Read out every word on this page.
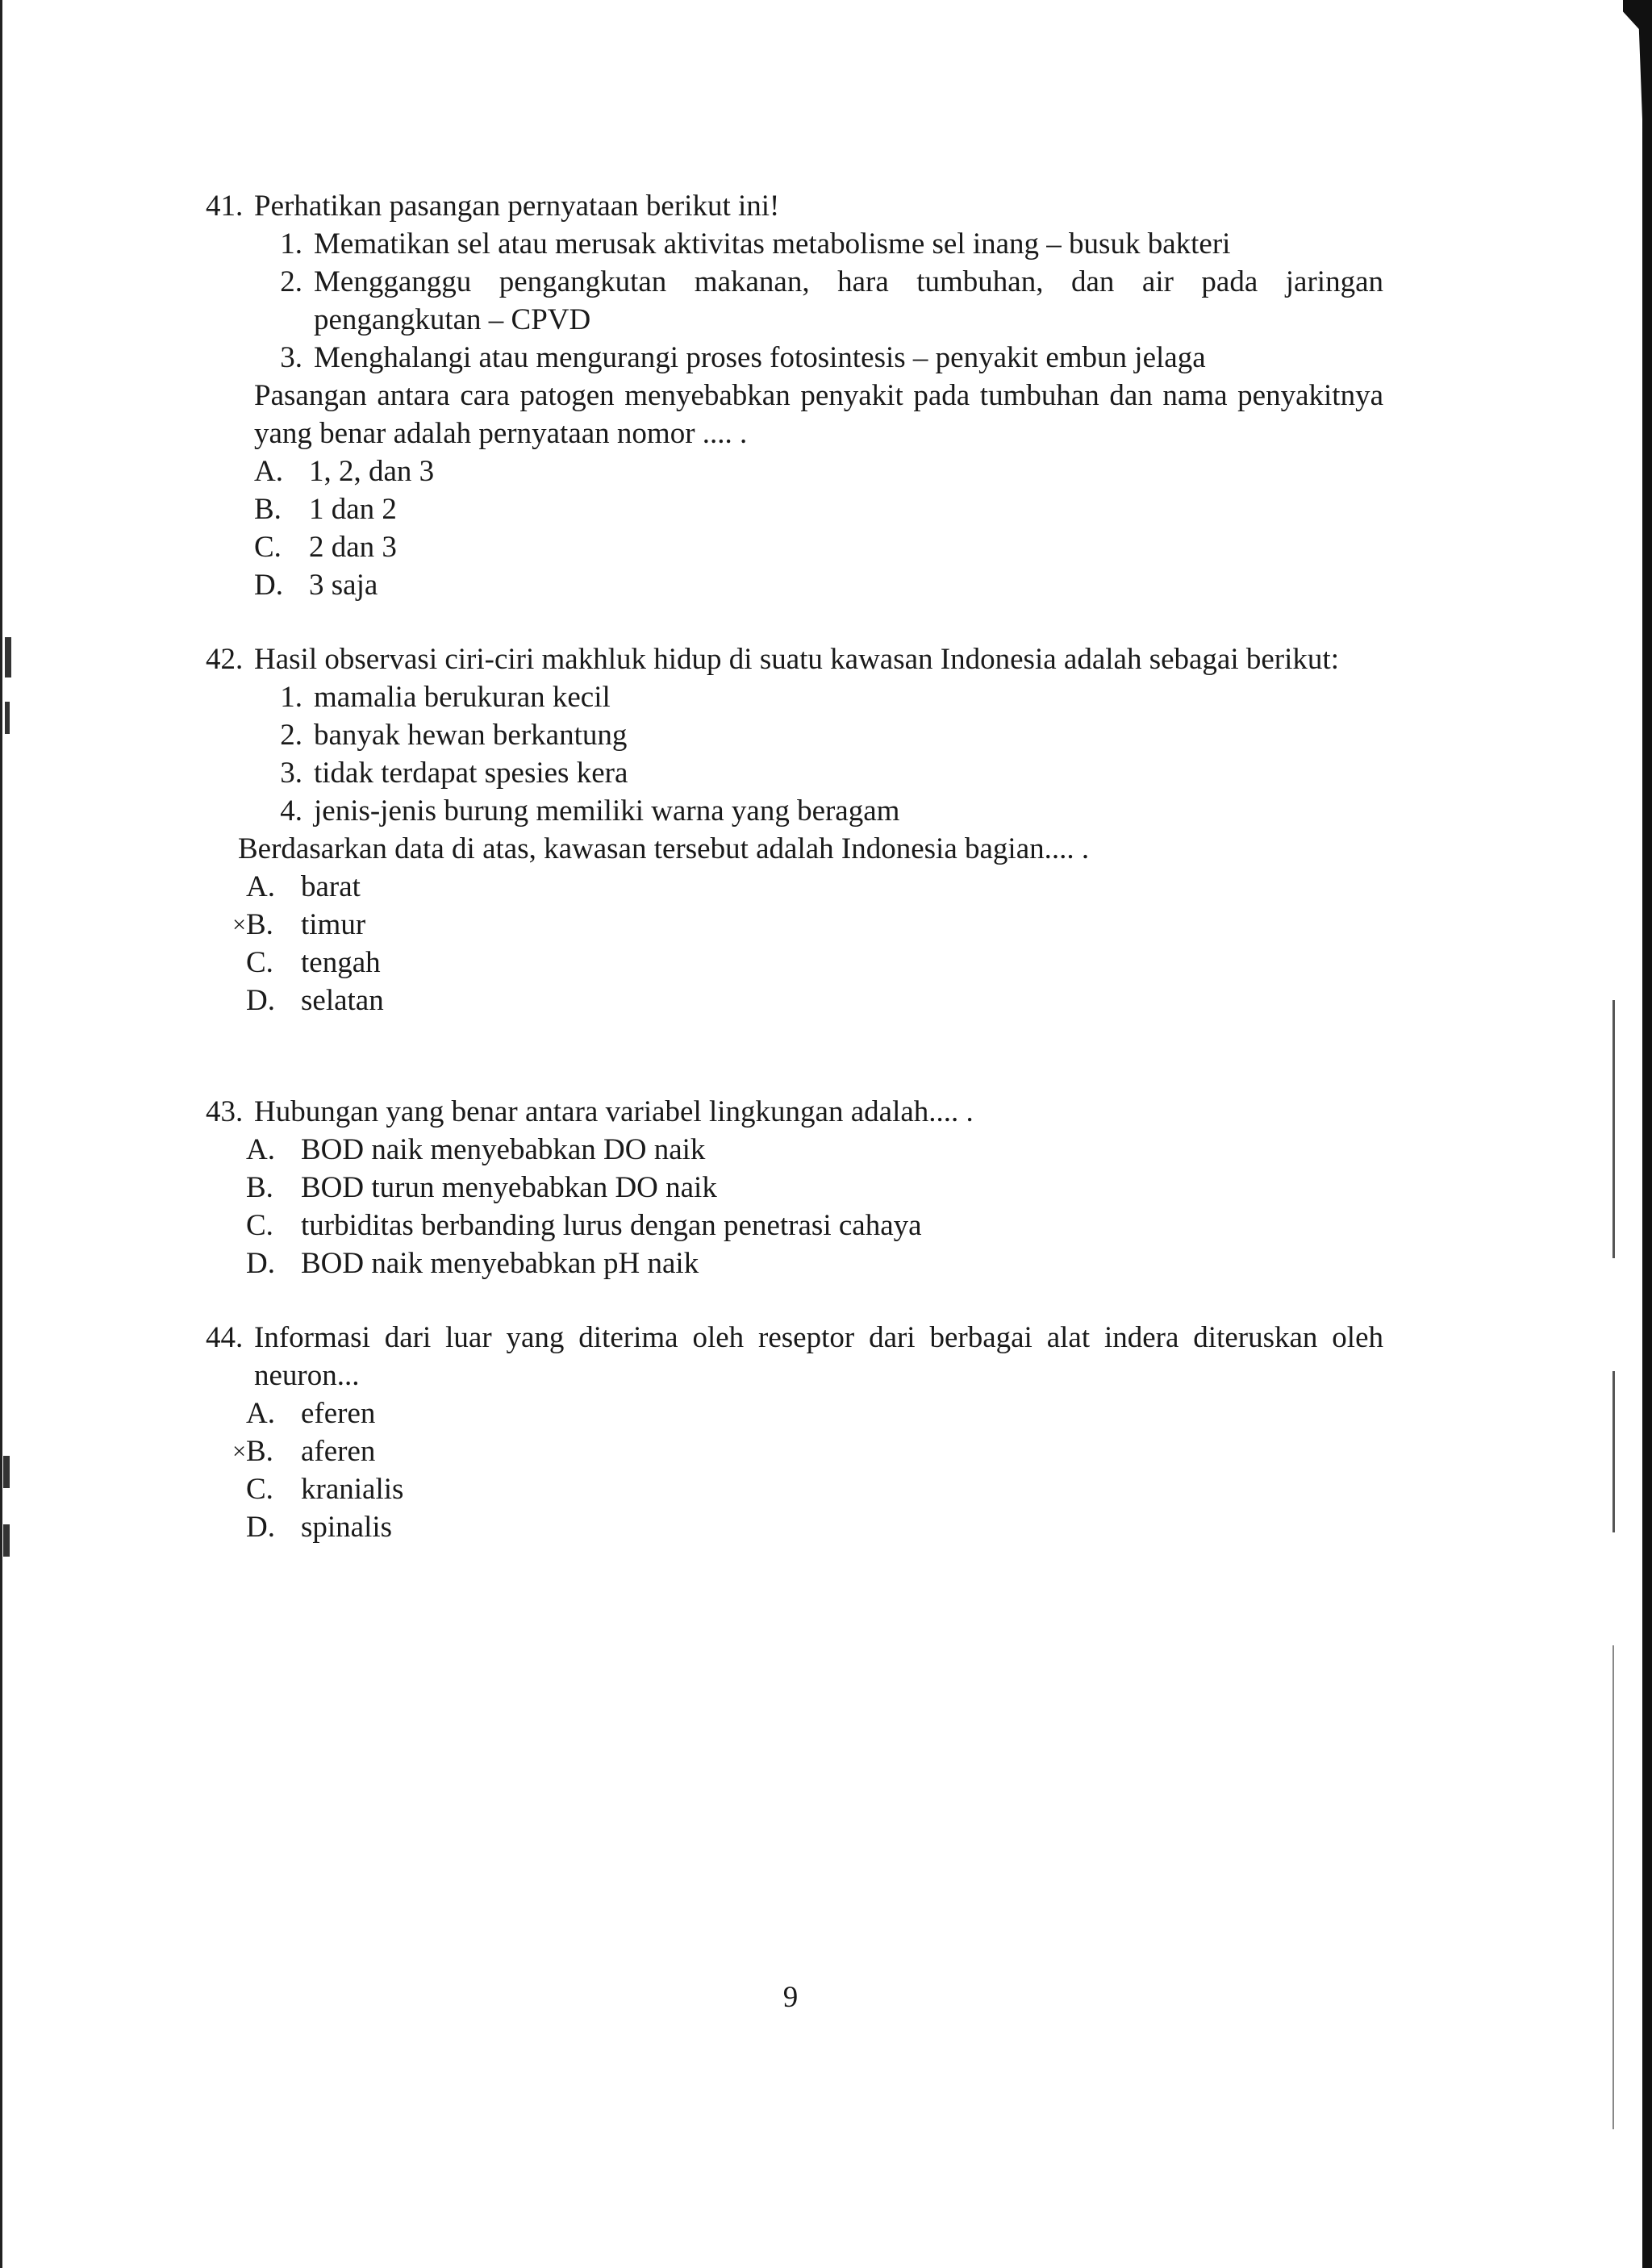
41. Perhatikan pasangan pernyataan berikut ini!
1. Mematikan sel atau merusak aktivitas metabolisme sel inang – busuk bakteri
2. Mengganggu pengangkutan makanan, hara tumbuhan, dan air pada jaringan pengangkutan – CPVD
3. Menghalangi atau mengurangi proses fotosintesis – penyakit embun jelaga
Pasangan antara cara patogen menyebabkan penyakit pada tumbuhan dan nama penyakitnya yang benar adalah pernyataan nomor .... .
A. 1, 2, dan 3
B. 1 dan 2
C. 2 dan 3
D. 3 saja
42. Hasil observasi ciri-ciri makhluk hidup di suatu kawasan Indonesia adalah sebagai berikut:
1. mamalia berukuran kecil
2. banyak hewan berkantung
3. tidak terdapat spesies kera
4. jenis-jenis burung memiliki warna yang beragam
Berdasarkan data di atas, kawasan tersebut adalah Indonesia bagian.... .
A. barat
× B. timur
C. tengah
D. selatan
43. Hubungan yang benar antara variabel lingkungan adalah.... .
A. BOD naik menyebabkan DO naik
B. BOD turun menyebabkan DO naik
C. turbiditas berbanding lurus dengan penetrasi cahaya
D. BOD naik menyebabkan pH naik
44. Informasi dari luar yang diterima oleh reseptor dari berbagai alat indera diteruskan oleh neuron...
A. eferen
× B. aferen
C. kranialis
D. spinalis
9
